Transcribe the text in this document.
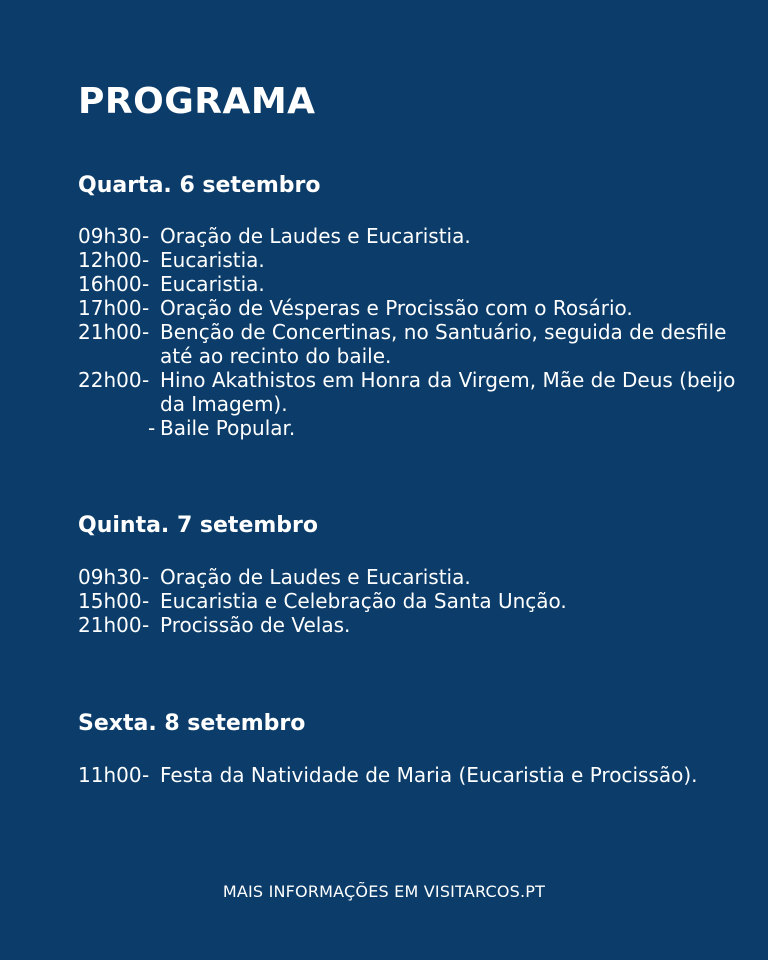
PROGRAMA
Quarta. 6 setembro
09h30 - Oração de Laudes e Eucaristia.
12h00 - Eucaristia.
16h00 - Eucaristia.
17h00 - Oração de Vésperas e Procissão com o Rosário.
21h00 - Benção de Concertinas, no Santuário, seguida de desfile até ao recinto do baile.
22h00 - Hino Akathistos em Honra da Virgem, Mãe de Deus (beijo da Imagem).
- Baile Popular.
Quinta. 7 setembro
09h30 - Oração de Laudes e Eucaristia.
15h00 - Eucaristia e Celebração da Santa Unção.
21h00 - Procissão de Velas.
Sexta. 8 setembro
11h00 - Festa da Natividade de Maria (Eucaristia e Procissão).

MAIS INFORMAÇÕES EM VISITARCOS.PT
